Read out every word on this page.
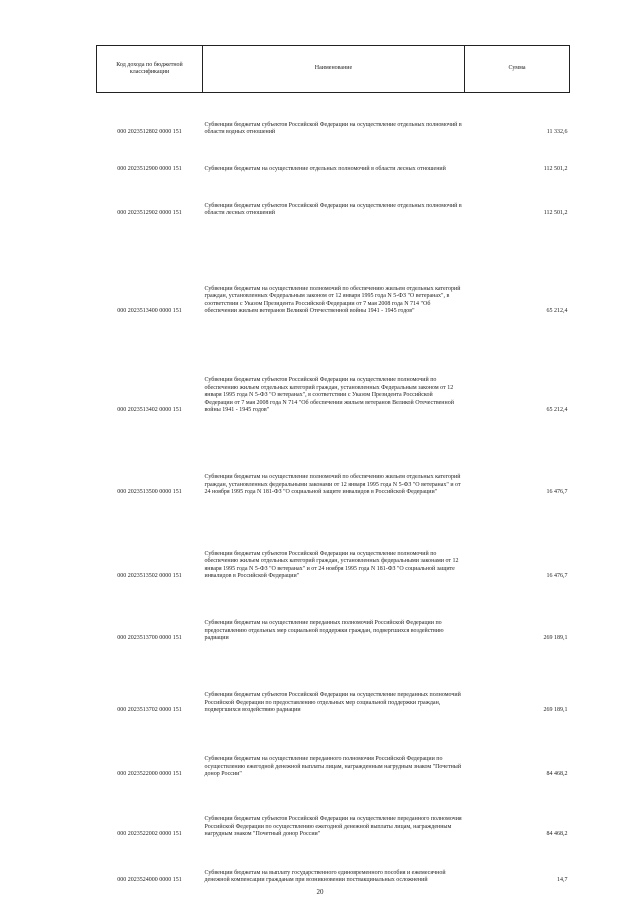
Код дохода по бюджетной классификации	Наименование	Сумма
000 2023512802 0000 151	Субвенции бюджетам субъектов Российской Федерации на осуществление отдельных полномочий в области водных отношений	11 332,6
000 2023512900 0000 151	Субвенции бюджетам на осуществление отдельных полномочий в области лесных отношений	112 501,2
000 2023512902 0000 151	Субвенции бюджетам субъектов Российской Федерации на осуществление отдельных полномочий в области лесных отношений	112 501,2
000 2023513400 0000 151	Субвенции бюджетам на осуществление полномочий по обеспечению жильем отдельных категорий граждан, установленных Федеральным законом от 12 января 1995 года N 5-ФЗ "О ветеранах", в соответствии с Указом Президента Российской Федерации от 7 мая 2008 года N 714 "Об обеспечении жильем ветеранов Великой Отечественной войны 1941 - 1945 годов"	65 212,4
000 2023513402 0000 151	Субвенции бюджетам субъектов Российской Федерации на осуществление полномочий по обеспечению жильем отдельных категорий граждан, установленных Федеральным законом от 12 января 1995 года N 5-ФЗ "О ветеранах", в соответствии с Указом Президента Российской Федерации от 7 мая 2008 года N 714 "Об обеспечении жильем ветеранов Великой Отечественной войны 1941 - 1945 годов"	65 212,4
000 2023513500 0000 151	Субвенции бюджетам на осуществление полномочий по обеспечению жильем отдельных категорий граждан, установленных федеральными законами от 12 января 1995 года N 5-ФЗ "О ветеранах" и от 24 ноября 1995 года N 181-ФЗ "О социальной защите инвалидов в Российской Федерации"	16 476,7
000 2023513502 0000 151	Субвенции бюджетам субъектов Российской Федерации на осуществление полномочий по обеспечению жильем отдельных категорий граждан, установленных федеральными законами от 12 января 1995 года N 5-ФЗ "О ветеранах" и от 24 ноября 1995 года N 181-ФЗ "О социальной защите инвалидов в Российской Федерации"	16 476,7
000 2023513700 0000 151	Субвенции бюджетам на осуществление переданных полномочий Российской Федерации по предоставлению отдельных мер социальной поддержки граждан, подвергшихся воздействию радиации	269 189,1
000 2023513702 0000 151	Субвенции бюджетам субъектов Российской Федерации на осуществление переданных полномочий Российской Федерации по предоставлению отдельных мер социальной поддержки граждан, подвергшихся воздействию радиации	269 189,1
000 2023522000 0000 151	Субвенции бюджетам на осуществление переданного полномочия Российской Федерации по осуществлению ежегодной денежной выплаты лицам, награжденным нагрудным знаком "Почетный донор России"	84 468,2
000 2023522002 0000 151	Субвенции бюджетам субъектов Российской Федерации на осуществление переданного полномочия Российской Федерации по осуществлению ежегодной денежной выплаты лицам, награжденным нагрудным знаком "Почетный донор России"	84 468,2
000 2023524000 0000 151	Субвенции бюджетам на выплату государственного единовременного пособия и ежемесячной денежной компенсации гражданам при возникновении поствакцинальных осложнений	14,7
20
